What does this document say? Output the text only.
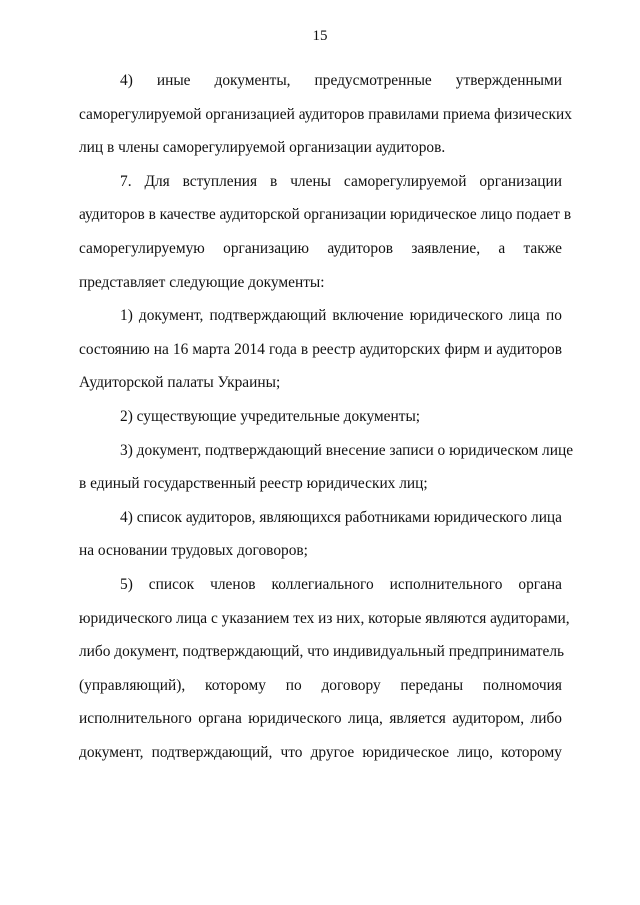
15
4)     иные     документы,     предусмотренные     утвержденными
саморегулируемой организацией аудиторов правилами приема физических
лиц в члены саморегулируемой организации аудиторов.
7. Для вступления в члены саморегулируемой организации
аудиторов в качестве аудиторской организации юридическое лицо подает в
саморегулируемую организацию аудиторов заявление, а также
представляет следующие документы:
1) документ, подтверждающий включение юридического лица по
состоянию на 16 марта 2014 года в реестр аудиторских фирм и аудиторов
Аудиторской палаты Украины;
2) существующие учредительные документы;
3) документ, подтверждающий внесение записи о юридическом лице
в единый государственный реестр юридических лиц;
4) список аудиторов, являющихся работниками юридического лица
на основании трудовых договоров;
5) список членов коллегиального исполнительного органа
юридического лица с указанием тех из них, которые являются аудиторами,
либо документ, подтверждающий, что индивидуальный предприниматель
(управляющий), которому по договору переданы полномочия
исполнительного органа юридического лица, является аудитором, либо
документ, подтверждающий, что другое юридическое лицо, которому
